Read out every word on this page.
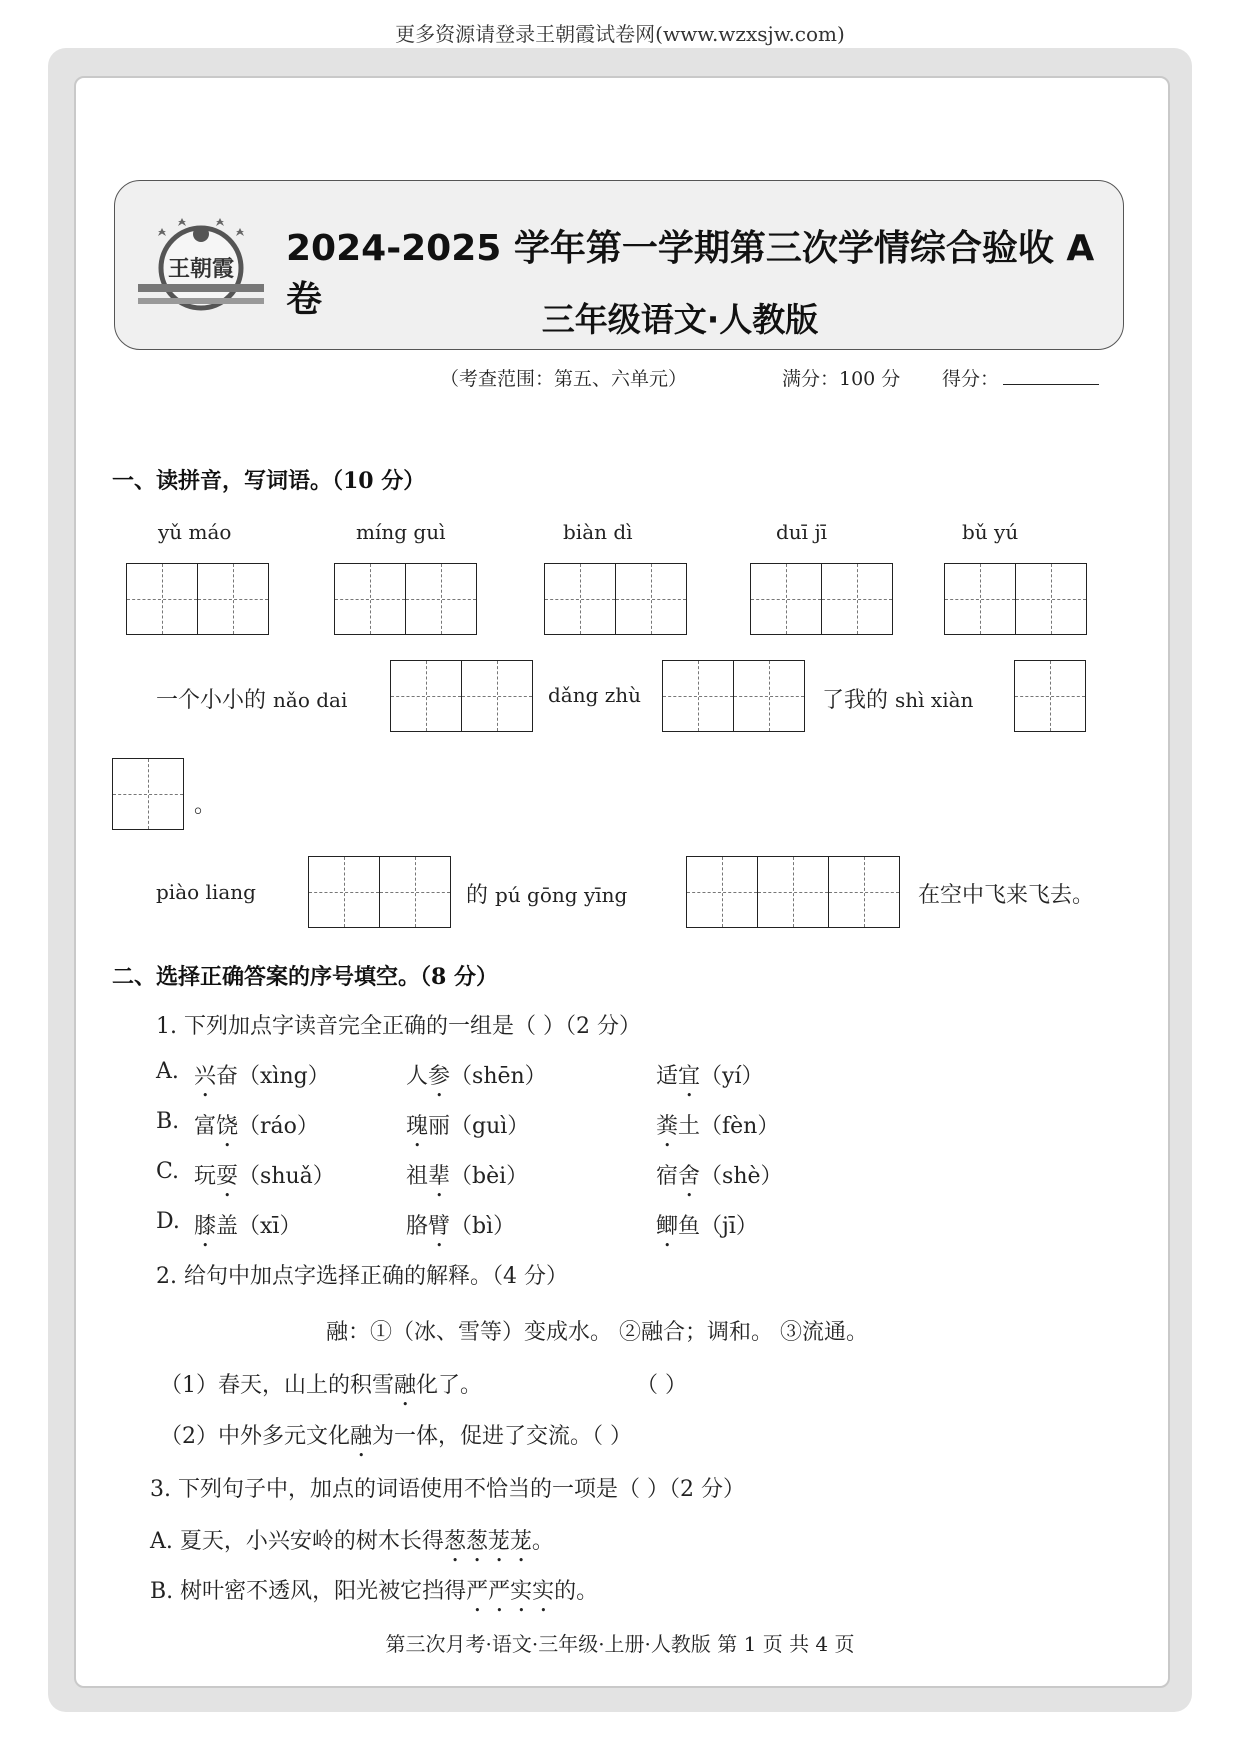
更多资源请登录王朝霞试卷网(www.wzxsjw.com)
王朝霞 2024-2025 学年第一学期第三次学情综合验收 A 卷	三年级语文·人教版
（考查范围：第五、六单元）	满分：100 分 得分：
一、读拼音，写词语。（10 分）
yǔ máo	míng guì	biàn dì	duī jī	bǔ yú
一个小小的 nǎo dai	dǎng zhù	了我的 shì xiàn
。
piào liang	的 pú gōng yīng	在空中飞来飞去。
二、选择正确答案的序号填空。（8 分）
1. 下列加点字读音完全正确的一组是（ ）（2 分）
A. 兴奋（xìng）	人参（shēn）	适宜（yí）
B. 富饶（ráo）	瑰丽（guì）	粪土（fèn）
C. 玩耍（shuǎ）	祖辈（bèi）	宿舍（shè）
D. 膝盖（xī）	胳臂（bì）	鲫鱼（jī）
2. 给句中加点字选择正确的解释。（4 分）
融：①（冰、雪等）变成水。 ②融合；调和。 ③流通。
（1）春天，山上的积雪融化了。	（ ）
（2）中外多元文化融为一体，促进了交流。（ ）
3. 下列句子中，加点的词语使用不恰当的一项是（ ）（2 分）
A. 夏天，小兴安岭的树木长得葱葱茏茏。
B. 树叶密不透风，阳光被它挡得严严实实的。
第三次月考·语文·三年级·上册·人教版 第 1 页 共 4 页
